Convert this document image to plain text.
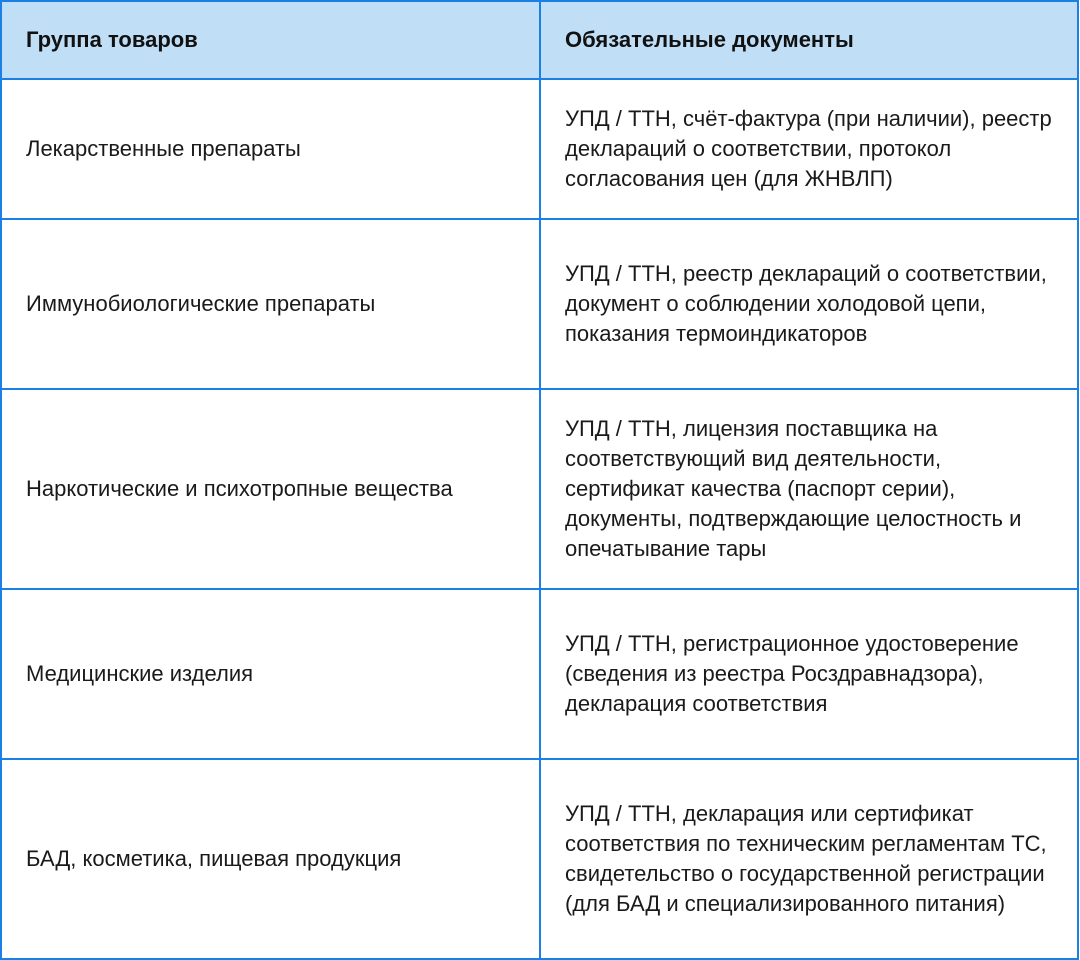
Группа товаров	Обязательные документы
Лекарственные препараты	УПД / ТТН, счёт-фактура (при наличии), реестр деклараций о соответствии, протокол согласования цен (для ЖНВЛП)
Иммунобиологические препараты	УПД / ТТН, реестр деклараций о соответствии, документ о соблюдении холодовой цепи, показания термоиндикаторов
Наркотические и психотропные вещества	УПД / ТТН, лицензия поставщика на соответствующий вид деятельности, сертификат качества (паспорт серии), документы, подтверждающие целостность и опечатывание тары
Медицинские изделия	УПД / ТТН, регистрационное удостоверение (сведения из реестра Росздравнадзора), декларация соответствия
БАД, косметика, пищевая продукция	УПД / ТТН, декларация или сертификат соответствия по техническим регламентам ТС, свидетельство о государственной регистрации (для БАД и специализированного питания)
